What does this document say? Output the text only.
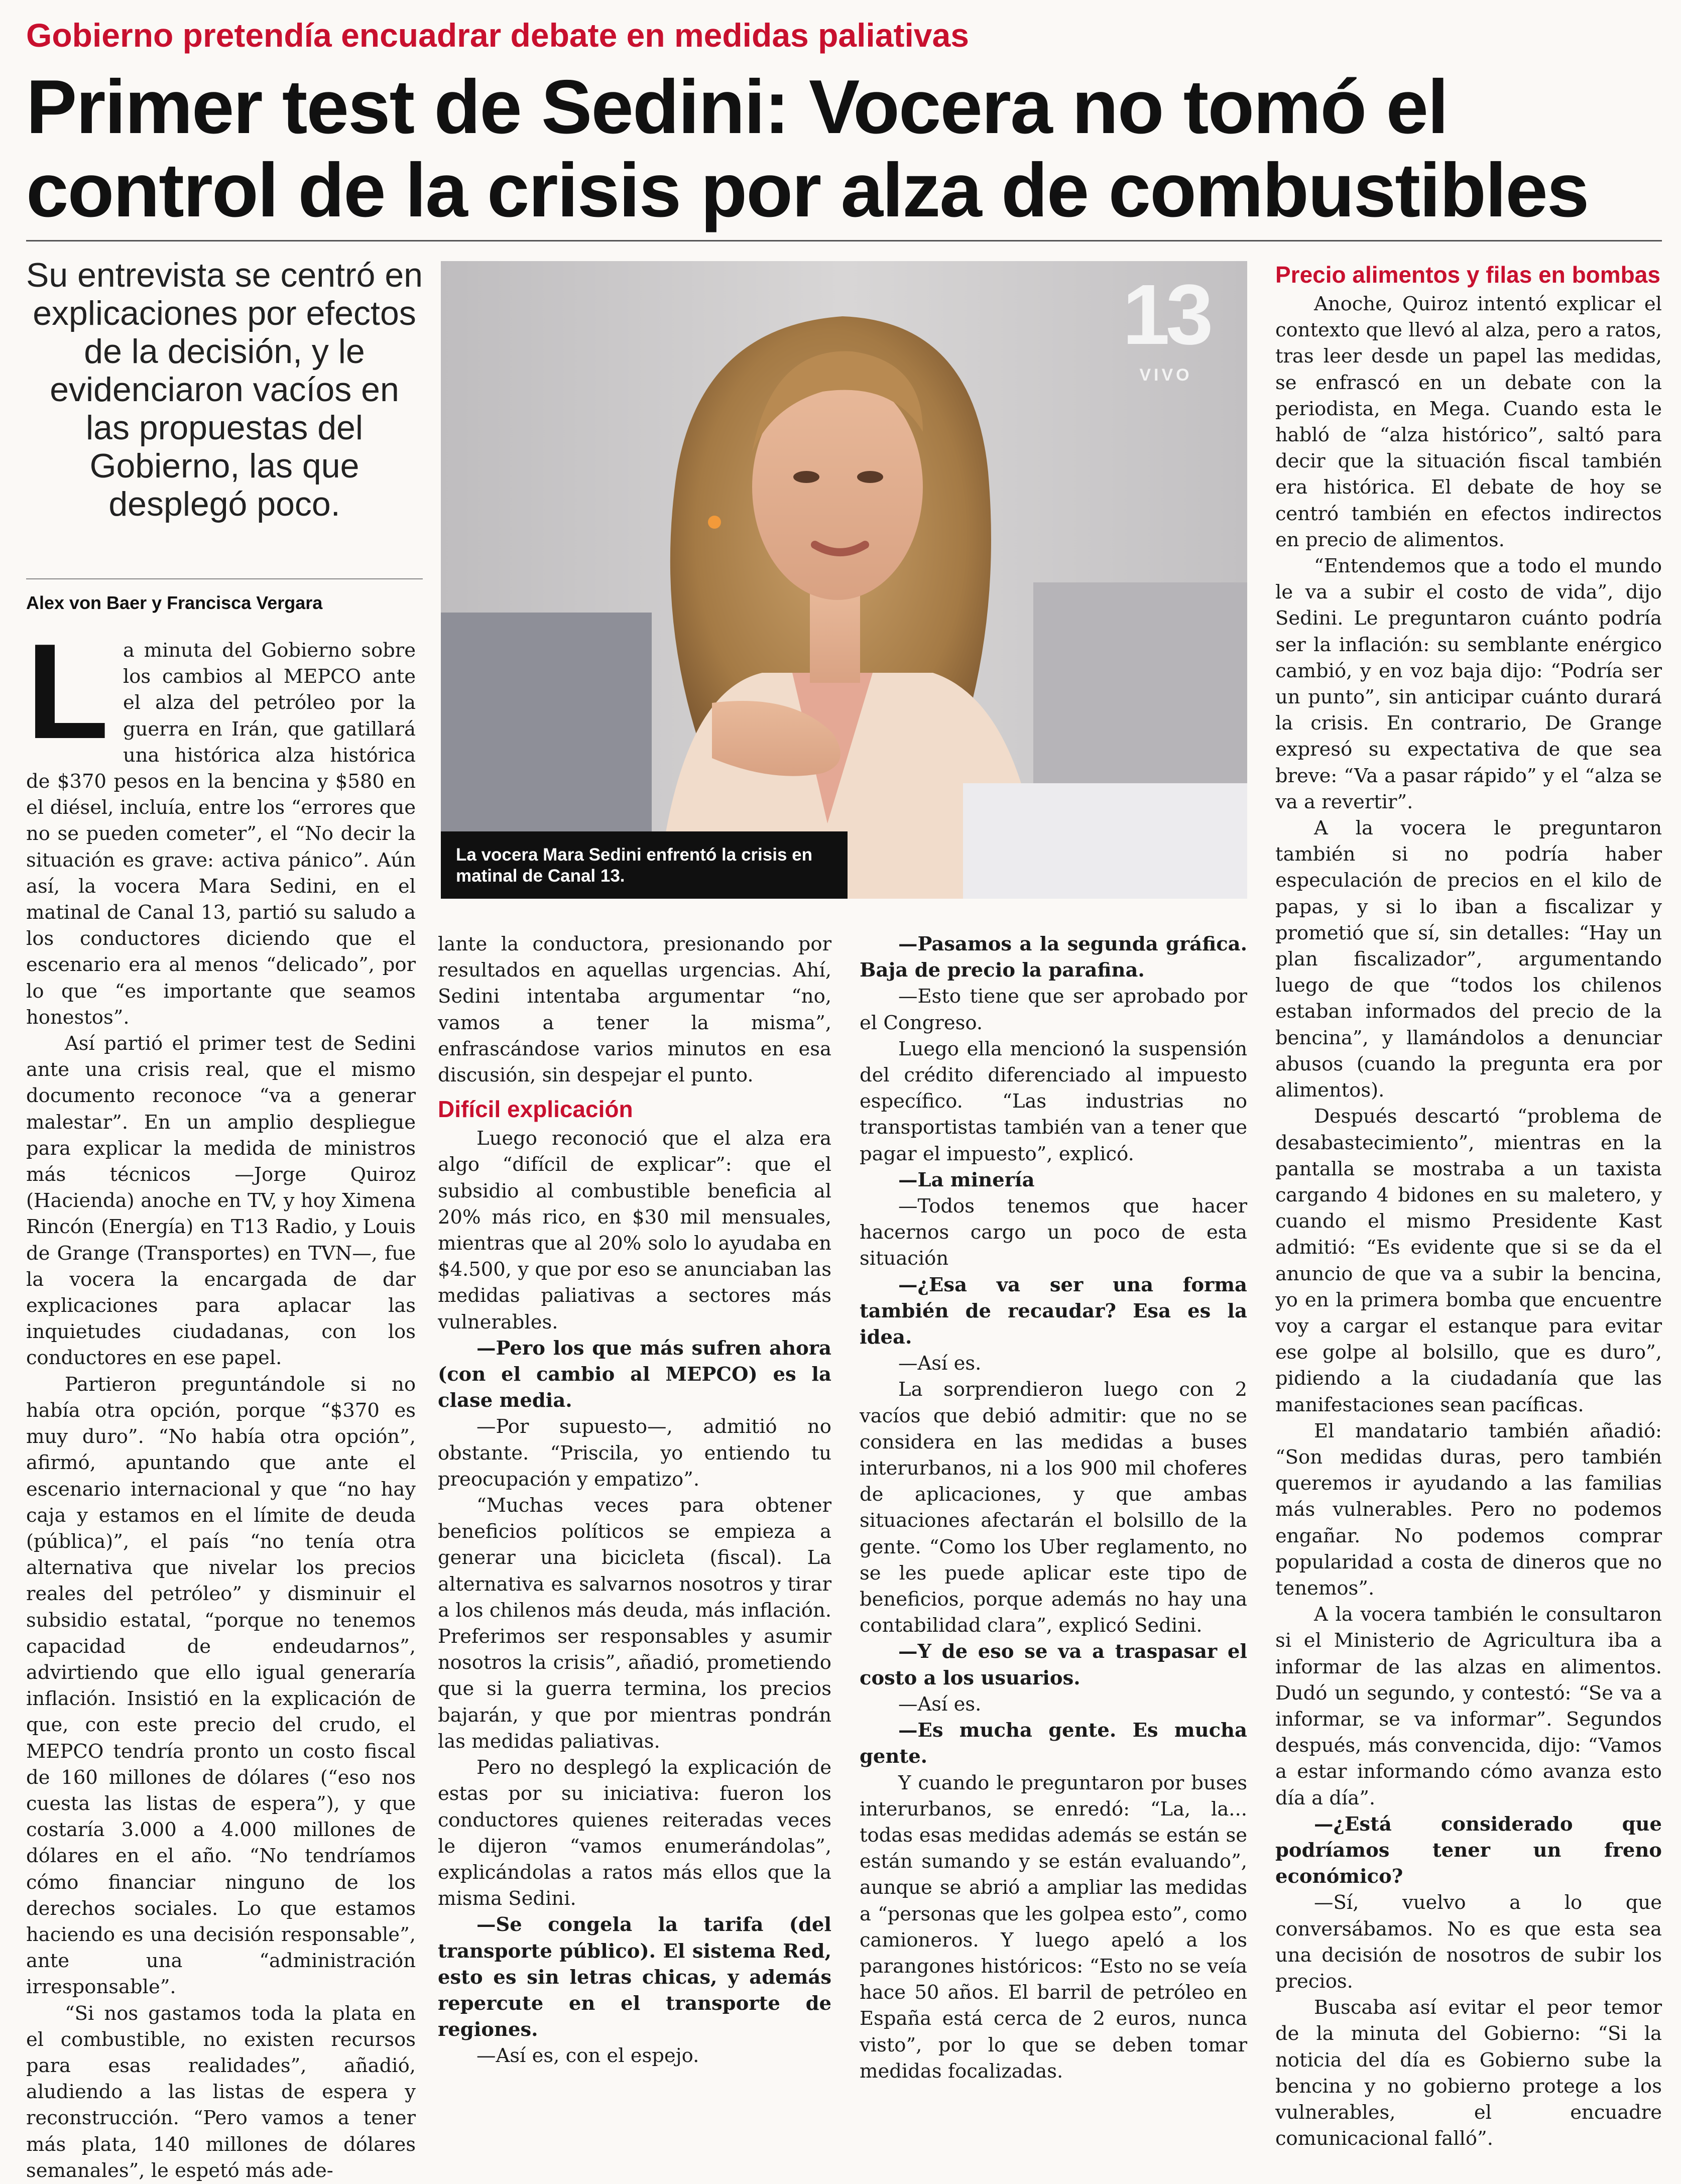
Gobierno pretendía encuadrar debate en medidas paliativas
Primer test de Sedini: Vocera no tomó el control de la crisis por alza de combustibles

Su entrevista se centró en explicaciones por efectos de la decisión, y le evidenciaron vacíos en las propuestas del Gobierno, las que desplegó poco.

Alex von Baer y Francisca Vergara
13
VIVO
La vocera Mara Sedini enfrentó la crisis en matinal de Canal 13.
L a minuta del Gobierno sobre los cambios al MEPCO ante el alza del petróleo por la guerra en Irán, que gatillará una histórica alza histórica de $370 pesos en la bencina y $580 en el diésel, incluía, entre los “errores que no se pueden cometer”, el “No decir la situación es grave: activa pánico”. Aún así, la vocera Mara Sedini, en el matinal de Canal 13, partió su saludo a los conductores diciendo que el escenario era al menos “delicado”, por lo que “es importante que seamos honestos”.

Así partió el primer test de Sedini ante una crisis real, que el mismo documento reconoce “va a generar malestar”. En un amplio despliegue para explicar la medida de ministros más técnicos —Jorge Quiroz (Hacienda) anoche en TV, y hoy Ximena Rincón (Energía) en T13 Radio, y Louis de Grange (Transportes) en TVN—, fue la vocera la encargada de dar explicaciones para aplacar las inquietudes ciudadanas, con los conductores en ese papel.

Partieron preguntándole si no había otra opción, porque “$370 es muy duro”. “No había otra opción”, afirmó, apuntando que ante el escenario internacional y que “no hay caja y estamos en el límite de deuda (pública)”, el país “no tenía otra alternativa que nivelar los precios reales del petróleo” y disminuir el subsidio estatal, “porque no tenemos capacidad de endeudarnos”, advirtiendo que ello igual generaría inflación. Insistió en la explicación de que, con este precio del crudo, el MEPCO tendría pronto un costo fiscal de 160 millones de dólares (“eso nos cuesta las listas de espera”), y que costaría 3.000 a 4.000 millones de dólares en el año. “No tendríamos cómo financiar ninguno de los derechos sociales. Lo que estamos haciendo es una decisión responsable”, ante una “administración irresponsable”.

“Si nos gastamos toda la plata en el combustible, no existen recursos para esas realidades”, añadió, aludiendo a las listas de espera y reconstrucción. “Pero vamos a tener más plata, 140 millones de dólares semanales”, le espetó más ade-

lante la conductora, presionando por resultados en aquellas urgencias. Ahí, Sedini intentaba argumentar “no, vamos a tener la misma”, enfrascándose varios minutos en esa discusión, sin despejar el punto.

Difícil explicación

Luego reconoció que el alza era algo “difícil de explicar”: que el subsidio al combustible beneficia al 20% más rico, en $30 mil mensuales, mientras que al 20% solo lo ayudaba en $4.500, y que por eso se anunciaban las medidas paliativas a sectores más vulnerables.

—Pero los que más sufren ahora (con el cambio al MEPCO) es la clase media.

—Por supuesto—, admitió no obstante. “Priscila, yo entiendo tu preocupación y empatizo”.

“Muchas veces para obtener beneficios políticos se empieza a generar una bicicleta (fiscal). La alternativa es salvarnos nosotros y tirar a los chilenos más deuda, más inflación. Preferimos ser responsables y asumir nosotros la crisis”, añadió, prometiendo que si la guerra termina, los precios bajarán, y que por mientras pondrán las medidas paliativas.

Pero no desplegó la explicación de estas por su iniciativa: fueron los conductores quienes reiteradas veces le dijeron “vamos enumerándolas”, explicándolas a ratos más ellos que la misma Sedini.

—Se congela la tarifa (del transporte público). El sistema Red, esto es sin letras chicas, y además repercute en el transporte de regiones.

—Así es, con el espejo.

—Pasamos a la segunda gráfica. Baja de precio la parafina.

—Esto tiene que ser aprobado por el Congreso.

Luego ella mencionó la suspensión del crédito diferenciado al impuesto específico. “Las industrias no transportistas también van a tener que pagar el impuesto”, explicó.

—La minería

—Todos tenemos que hacer hacernos cargo un poco de esta situación

—¿Esa va ser una forma también de recaudar? Esa es la idea.

—Así es.

La sorprendieron luego con 2 vacíos que debió admitir: que no se considera en las medidas a buses interurbanos, ni a los 900 mil choferes de aplicaciones, y que ambas situaciones afectarán el bolsillo de la gente. “Como los Uber reglamento, no se les puede aplicar este tipo de beneficios, porque además no hay una contabilidad clara”, explicó Sedini.

—Y de eso se va a traspasar el costo a los usuarios.

—Así es.

—Es mucha gente. Es mucha gente.

Y cuando le preguntaron por buses interurbanos, se enredó: “La, la... todas esas medidas además se están se están sumando y se están evaluando”, aunque se abrió a ampliar las medidas a “personas que les golpea esto”, como camioneros. Y luego apeló a los parangones históricos: “Esto no se veía hace 50 años. El barril de petróleo en España está cerca de 2 euros, nunca visto”, por lo que se deben tomar medidas focalizadas.

Precio alimentos y filas en bombas

Anoche, Quiroz intentó explicar el contexto que llevó al alza, pero a ratos, tras leer desde un papel las medidas, se enfrascó en un debate con la periodista, en Mega. Cuando esta le habló de “alza histórico”, saltó para decir que la situación fiscal también era histórica. El debate de hoy se centró también en efectos indirectos en precio de alimentos.

“Entendemos que a todo el mundo le va a subir el costo de vida”, dijo Sedini. Le preguntaron cuánto podría ser la inflación: su semblante enérgico cambió, y en voz baja dijo: “Podría ser un punto”, sin anticipar cuánto durará la crisis. En contrario, De Grange expresó su expectativa de que sea breve: “Va a pasar rápido” y el “alza se va a revertir”.

A la vocera le preguntaron también si no podría haber especulación de precios en el kilo de papas, y si lo iban a fiscalizar y prometió que sí, sin detalles: “Hay un plan fiscalizador”, argumentando luego de que “todos los chilenos estaban informados del precio de la bencina”, y llamándolos a denunciar abusos (cuando la pregunta era por alimentos).

Después descartó “problema de desabastecimiento”, mientras en la pantalla se mostraba a un taxista cargando 4 bidones en su maletero, y cuando el mismo Presidente Kast admitió: “Es evidente que si se da el anuncio de que va a subir la bencina, yo en la primera bomba que encuentre voy a cargar el estanque para evitar ese golpe al bolsillo, que es duro”, pidiendo a la ciudadanía que las manifestaciones sean pacíficas.

El mandatario también añadió: “Son medidas duras, pero también queremos ir ayudando a las familias más vulnerables. Pero no podemos engañar. No podemos comprar popularidad a costa de dineros que no tenemos”.

A la vocera también le consultaron si el Ministerio de Agricultura iba a informar de las alzas en alimentos. Dudó un segundo, y contestó: “Se va a informar, se va informar”. Segundos después, más convencida, dijo: “Vamos a estar informando cómo avanza esto día a día”.

—¿Está considerado que podríamos tener un freno económico?

—Sí, vuelvo a lo que conversábamos. No es que esta sea una decisión de nosotros de subir los precios.

Buscaba así evitar el peor temor de la minuta del Gobierno: “Si la noticia del día es Gobierno sube la bencina y no gobierno protege a los vulnerables, el encuadre comunicacional falló”.
